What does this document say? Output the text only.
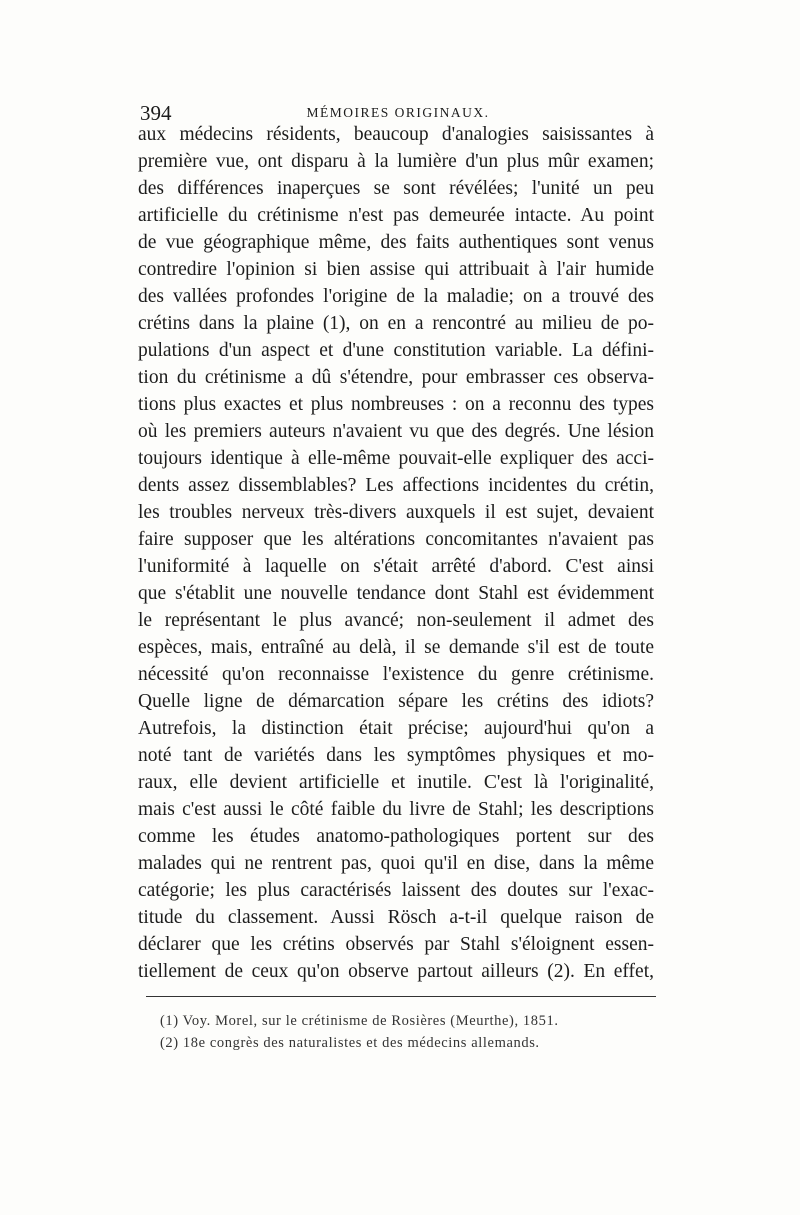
394	MÉMOIRES ORIGINAUX.
aux médecins résidents, beaucoup d'analogies saisissantes à
première vue, ont disparu à la lumière d'un plus mûr examen;
des différences inaperçues se sont révélées; l'unité un peu
artificielle du crétinisme n'est pas demeurée intacte. Au point
de vue géographique même, des faits authentiques sont venus
contredire l'opinion si bien assise qui attribuait à l'air humide
des vallées profondes l'origine de la maladie; on a trouvé des
crétins dans la plaine (1), on en a rencontré au milieu de po-
pulations d'un aspect et d'une constitution variable. La défini-
tion du crétinisme a dû s'étendre, pour embrasser ces observa-
tions plus exactes et plus nombreuses : on a reconnu des types
où les premiers auteurs n'avaient vu que des degrés. Une lésion
toujours identique à elle-même pouvait-elle expliquer des acci-
dents assez dissemblables? Les affections incidentes du crétin,
les troubles nerveux très-divers auxquels il est sujet, devaient
faire supposer que les altérations concomitantes n'avaient pas
l'uniformité à laquelle on s'était arrêté d'abord. C'est ainsi
que s'établit une nouvelle tendance dont Stahl est évidemment
le représentant le plus avancé; non-seulement il admet des
espèces, mais, entraîné au delà, il se demande s'il est de toute
nécessité qu'on reconnaisse l'existence du genre crétinisme.
Quelle ligne de démarcation sépare les crétins des idiots?
Autrefois, la distinction était précise; aujourd'hui qu'on a
noté tant de variétés dans les symptômes physiques et mo-
raux, elle devient artificielle et inutile. C'est là l'originalité,
mais c'est aussi le côté faible du livre de Stahl; les descriptions
comme les études anatomo-pathologiques portent sur des
malades qui ne rentrent pas, quoi qu'il en dise, dans la même
catégorie; les plus caractérisés laissent des doutes sur l'exac-
titude du classement. Aussi Rösch a-t-il quelque raison de
déclarer que les crétins observés par Stahl s'éloignent essen-
tiellement de ceux qu'on observe partout ailleurs (2). En effet,
(1) Voy. Morel, sur le crétinisme de Rosières (Meurthe), 1851.
(2) 18e congrès des naturalistes et des médecins allemands.
